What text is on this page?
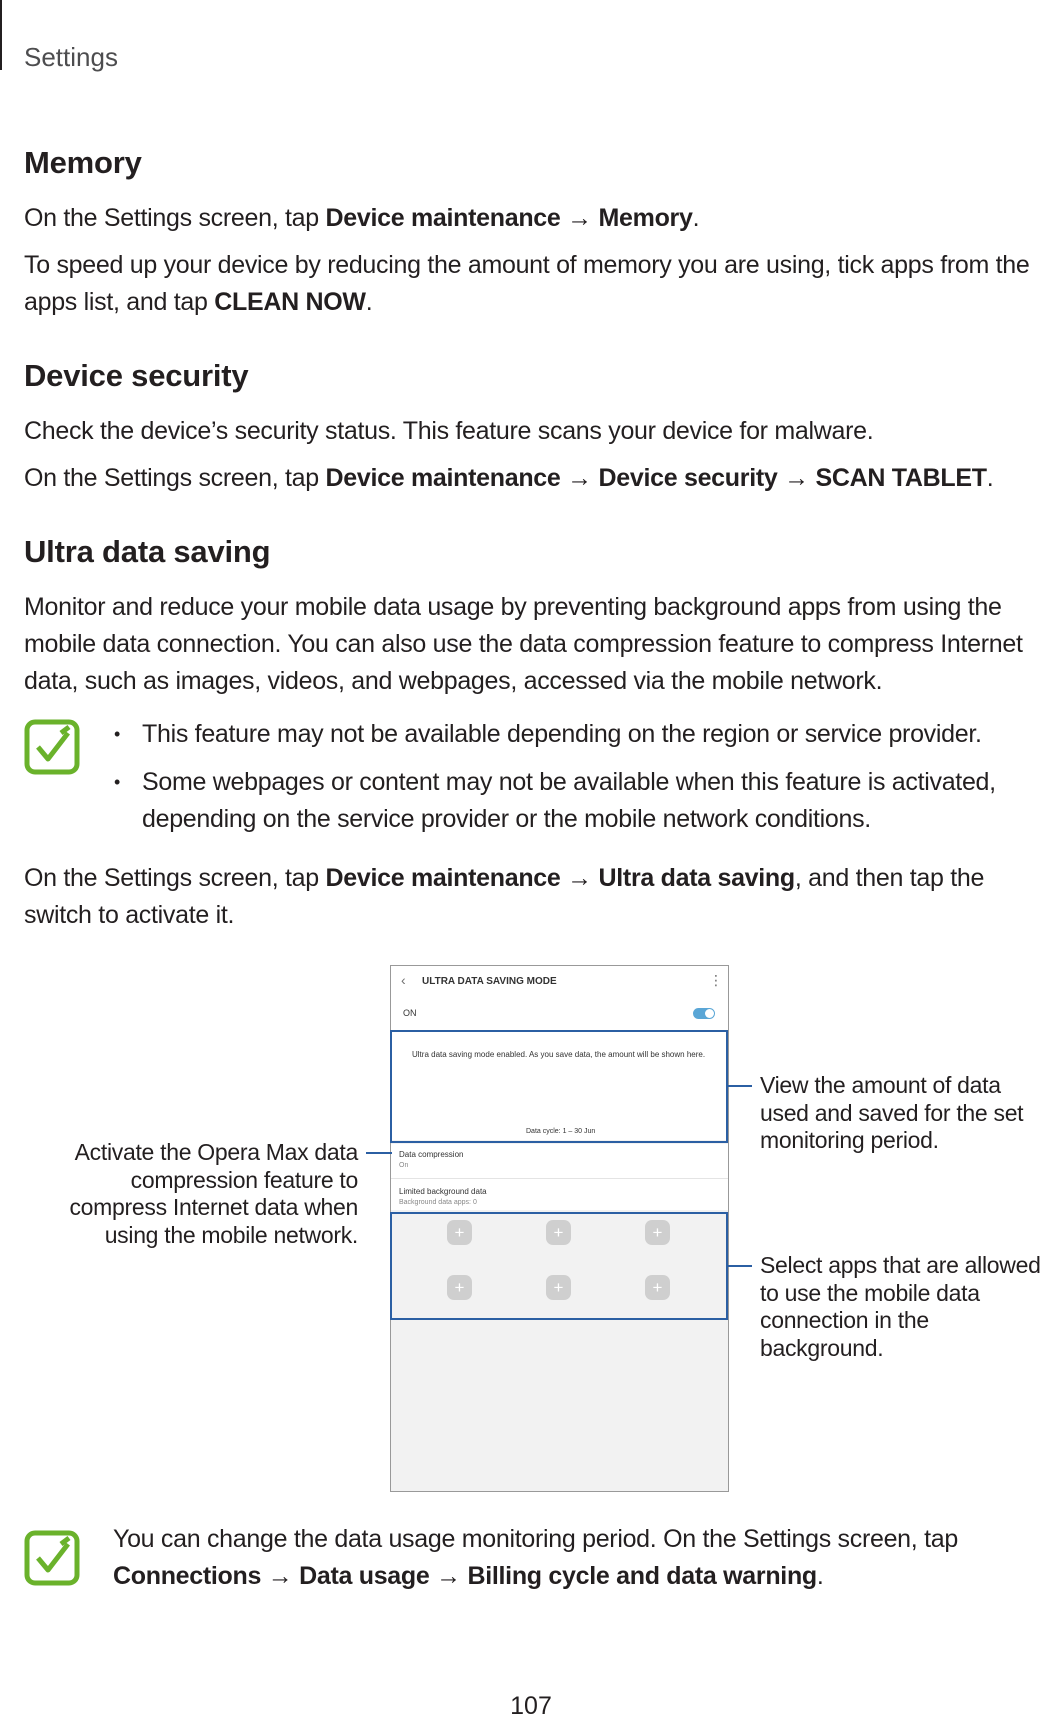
Settings
Memory

On the Settings screen, tap Device maintenance → Memory.

To speed up your device by reducing the amount of memory you are using, tick apps from the apps list, and tap CLEAN NOW.

Device security

Check the device’s security status. This feature scans your device for malware.

On the Settings screen, tap Device maintenance → Device security → SCAN TABLET.

Ultra data saving

Monitor and reduce your mobile data usage by preventing background apps from using the mobile data connection. You can also use the data compression feature to compress Internet data, such as images, videos, and webpages, accessed via the mobile network.

• This feature may not be available depending on the region or service provider.
• Some webpages or content may not be available when this feature is activated, depending on the service provider or the mobile network conditions.

On the Settings screen, tap Device maintenance → Ultra data saving, and then tap the switch to activate it.

‹ ULTRA DATA SAVING MODE	⋮
ON
Ultra data saving mode enabled. As you save data, the amount will be shown here.
Data cycle: 1 – 30 Jun
Data compression
On
Limited background data
Background data apps: 0
+	+	+
+	+	+
View the amount of data used and saved for the set monitoring period.
Activate the Opera Max data compression feature to compress Internet data when using the mobile network.
Select apps that are allowed to use the mobile data connection in the background.

You can change the data usage monitoring period. On the Settings screen, tap Connections → Data usage → Billing cycle and data warning.

107
